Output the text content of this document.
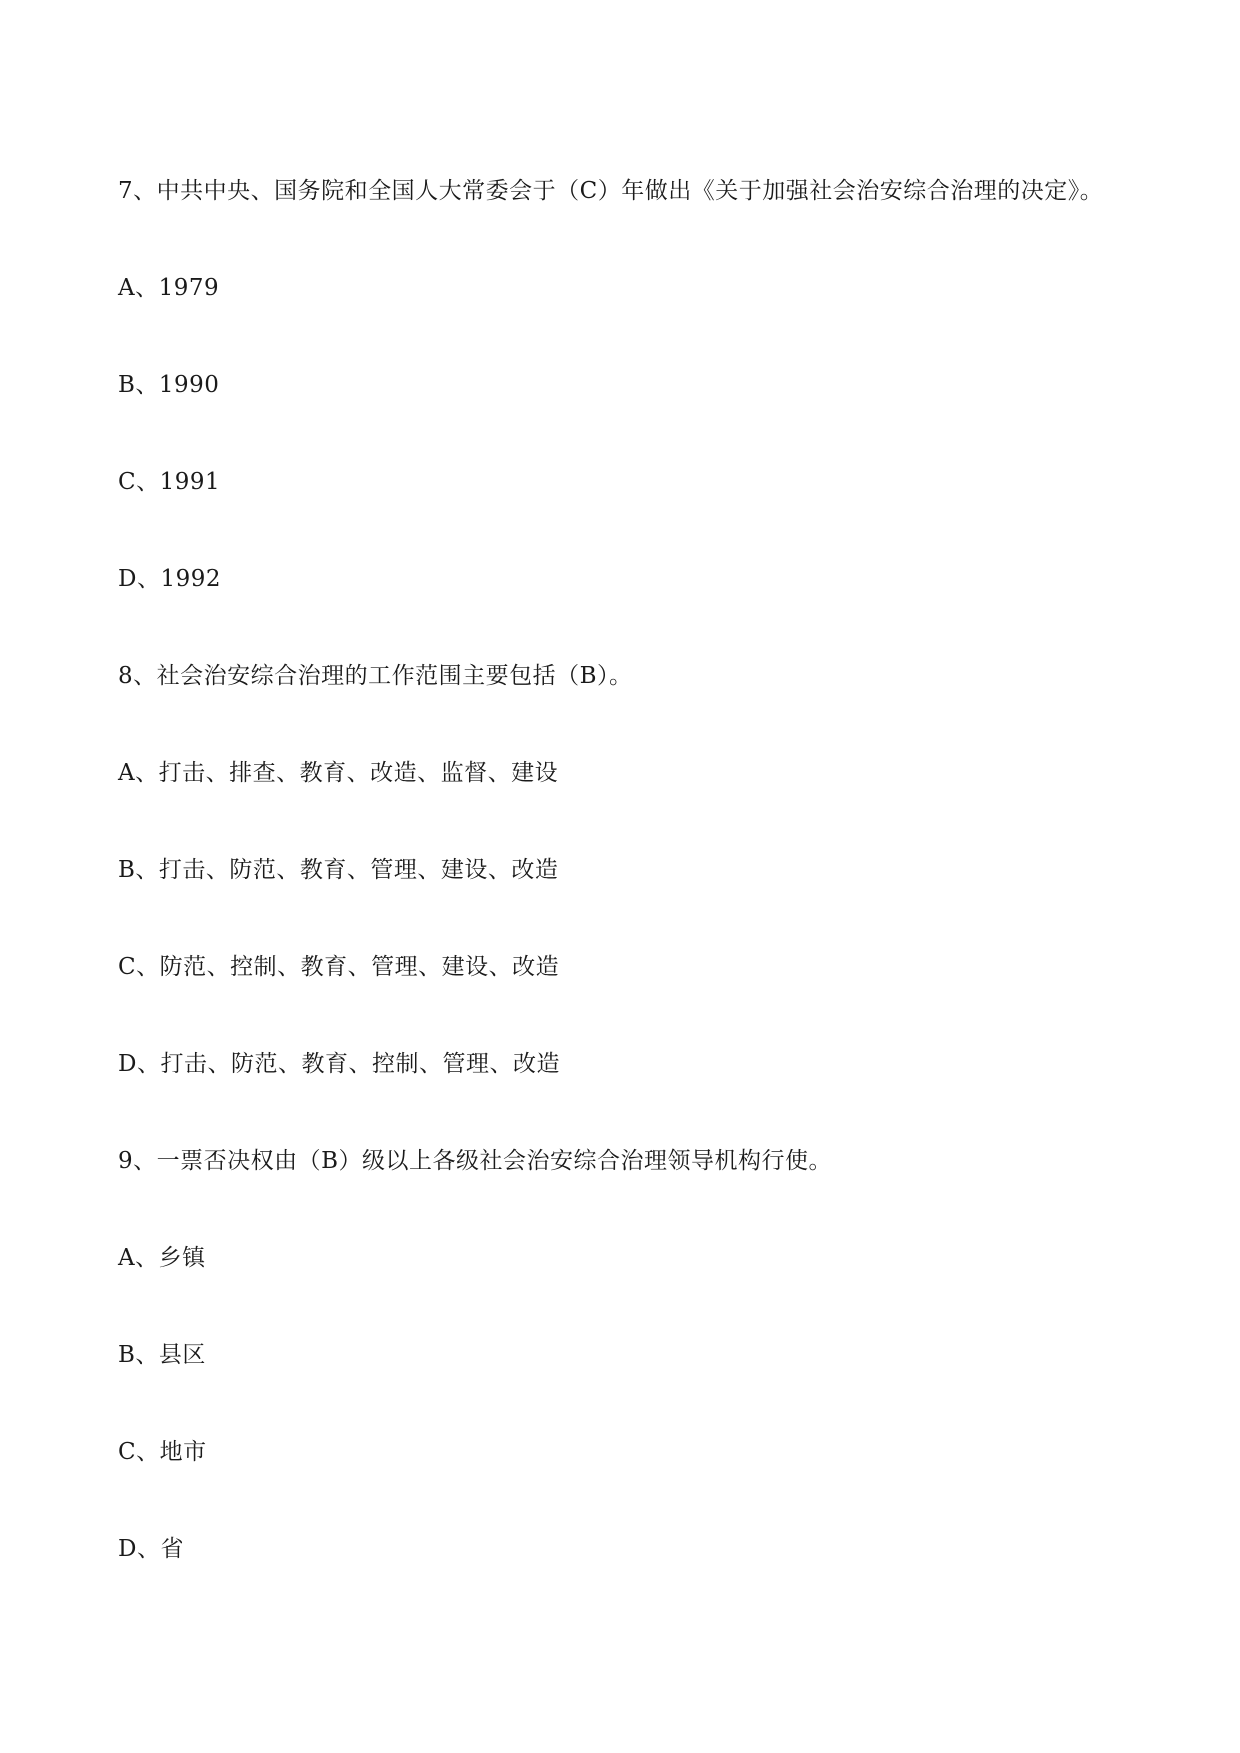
7、中共中央、国务院和全国人大常委会于（C）年做出《关于加强社会治安综合治理的决定》。
A、1979
B、1990
C、1991
D、1992
8、社会治安综合治理的工作范围主要包括（B）。
A、打击、排查、教育、改造、监督、建设
B、打击、防范、教育、管理、建设、改造
C、防范、控制、教育、管理、建设、改造
D、打击、防范、教育、控制、管理、改造
9、一票否决权由（B）级以上各级社会治安综合治理领导机构行使。
A、乡镇
B、县区
C、地市
D、省
